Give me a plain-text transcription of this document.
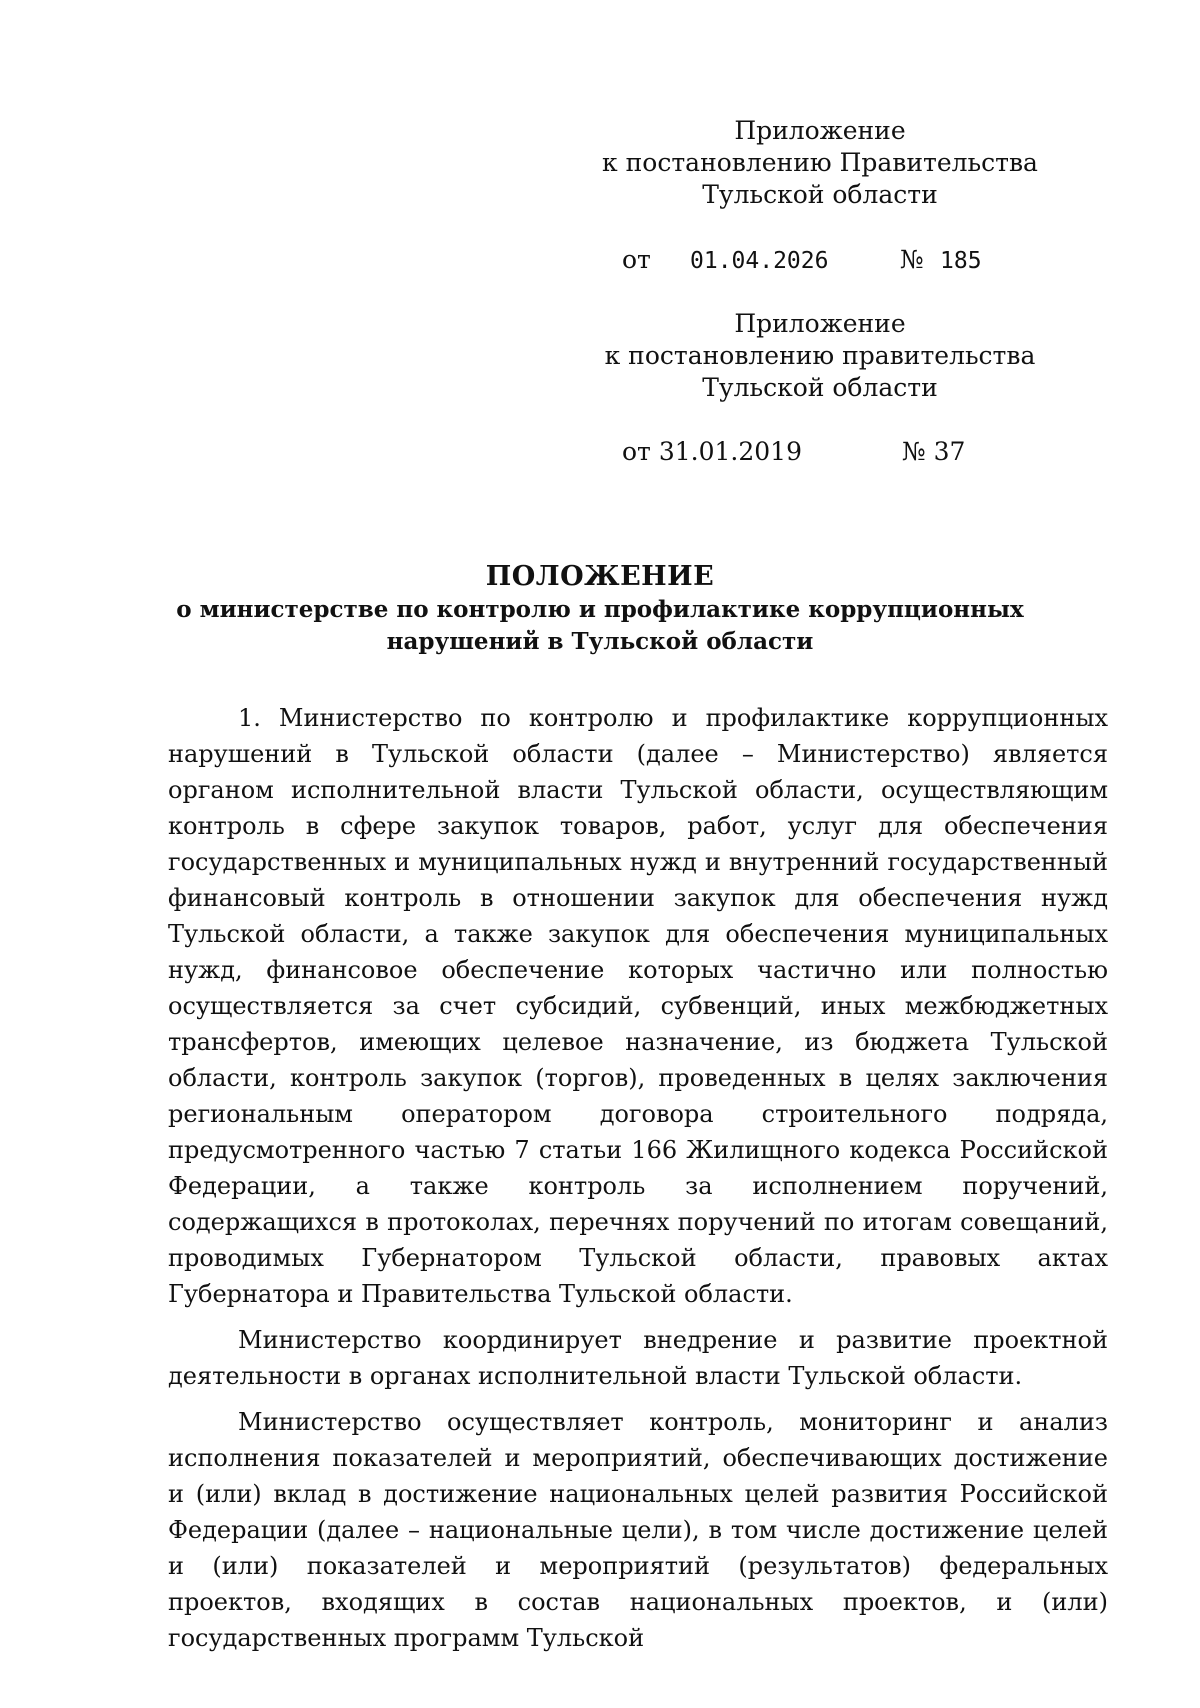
Приложение
к постановлению Правительства
Тульской области
от 01.04.2026	№ 185
Приложение
к постановлению правительства
Тульской области
от 31.01.2019	№ 37
ПОЛОЖЕНИЕ
о министерстве по контролю и профилактике коррупционных
нарушений в Тульской области

1. Министерство по контролю и профилактике коррупционных нарушений в Тульской области (далее – Министерство) является органом исполнительной власти Тульской области, осуществляющим контроль в сфере закупок товаров, работ, услуг для обеспечения государственных и муниципальных нужд и внутренний государственный финансовый контроль в отношении закупок для обеспечения нужд Тульской области, а также закупок для обеспечения муниципальных нужд, финансовое обеспечение которых частично или полностью осуществляется за счет субсидий, субвенций, иных межбюджетных трансфертов, имеющих целевое назначение, из бюджета Тульской области, контроль закупок (торгов), проведенных в целях заключения региональным оператором договора строительного подряда, предусмотренного частью 7 статьи 166 Жилищного кодекса Российской Федерации, а также контроль за исполнением поручений, содержащихся в протоколах, перечнях поручений по итогам совещаний, проводимых Губернатором Тульской области, правовых актах Губернатора и Правительства Тульской области.

Министерство координирует внедрение и развитие проектной деятельности в органах исполнительной власти Тульской области.

Министерство осуществляет контроль, мониторинг и анализ исполнения показателей и мероприятий, обеспечивающих достижение и (или) вклад в достижение национальных целей развития Российской Федерации (далее – национальные цели), в том числе достижение целей и (или) показателей и мероприятий (результатов) федеральных проектов, входящих в состав национальных проектов, и (или) государственных программ Тульской
